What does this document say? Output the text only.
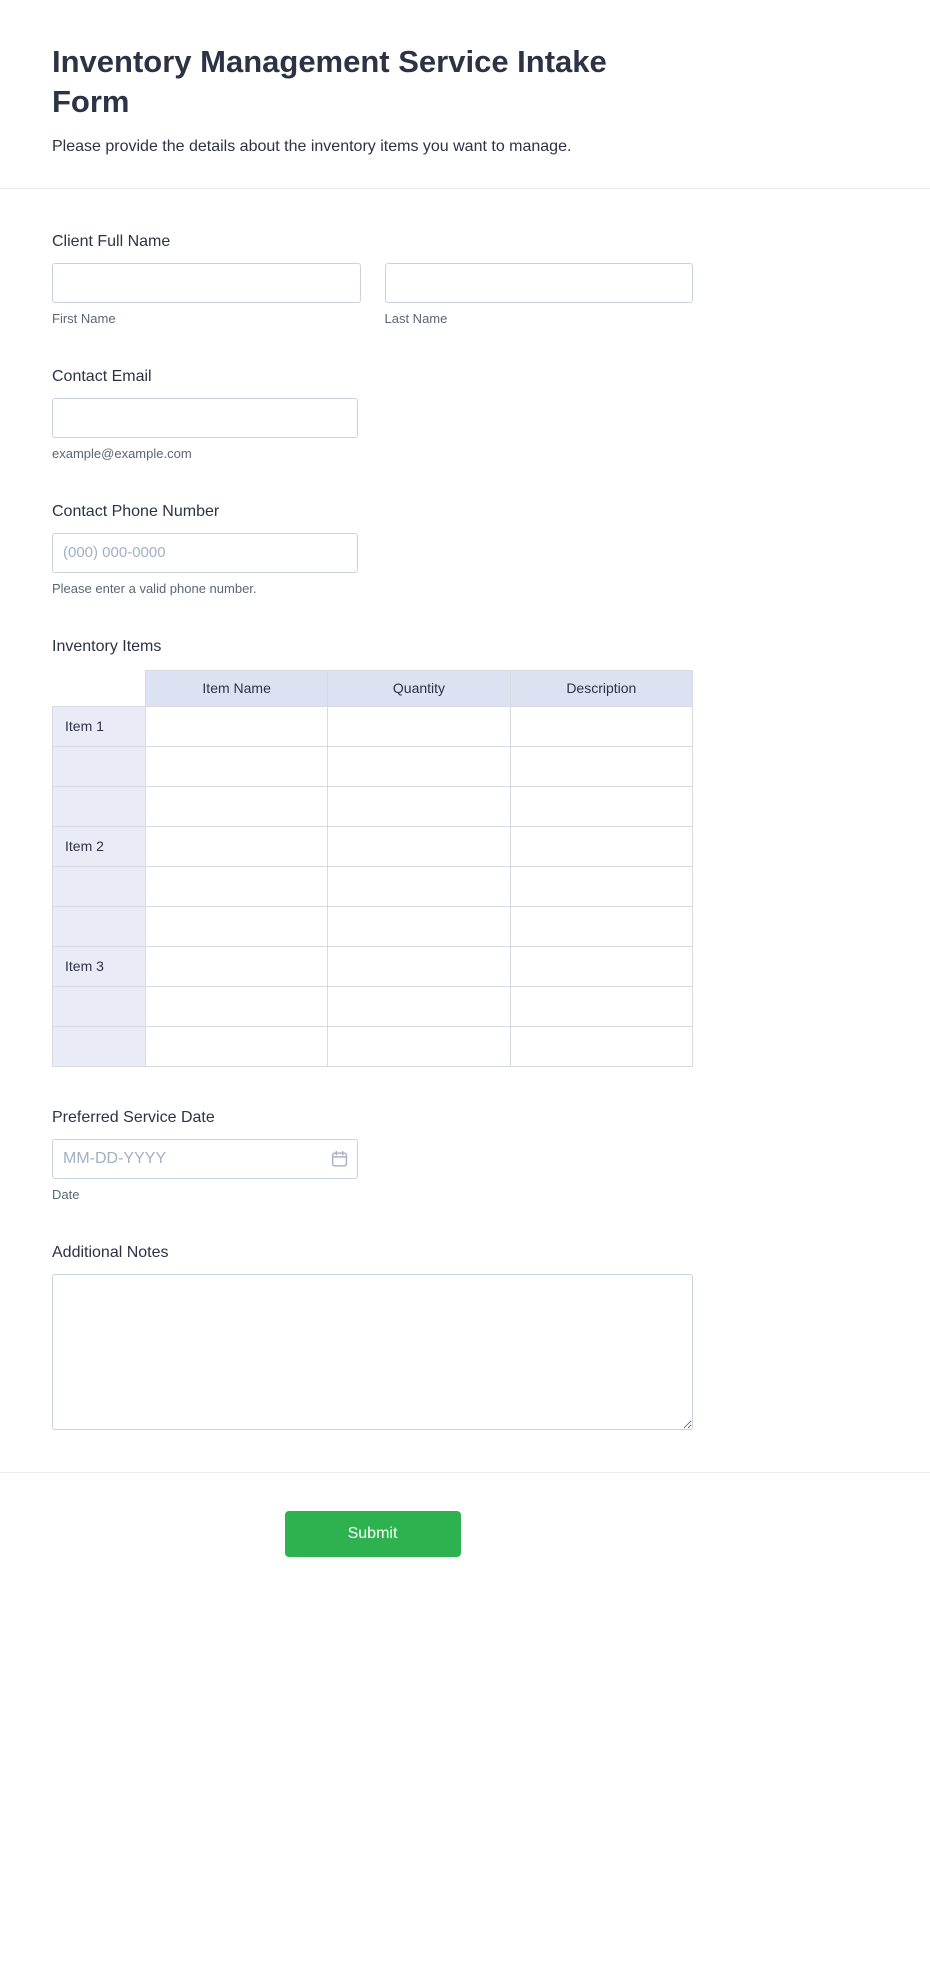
Inventory Management Service Intake Form

Please provide the details about the inventory items you want to manage.

Client Full Name
First Name	Last Name
Contact Email
example@example.com
Contact Phone Number
(000) 000-0000
Please enter a valid phone number.
Inventory Items
	Item Name	Quantity	Description
Item 1			

Item 2			

Item 3			

Preferred Service Date
MM-DD-YYYY
Date
Additional Notes
Submit
